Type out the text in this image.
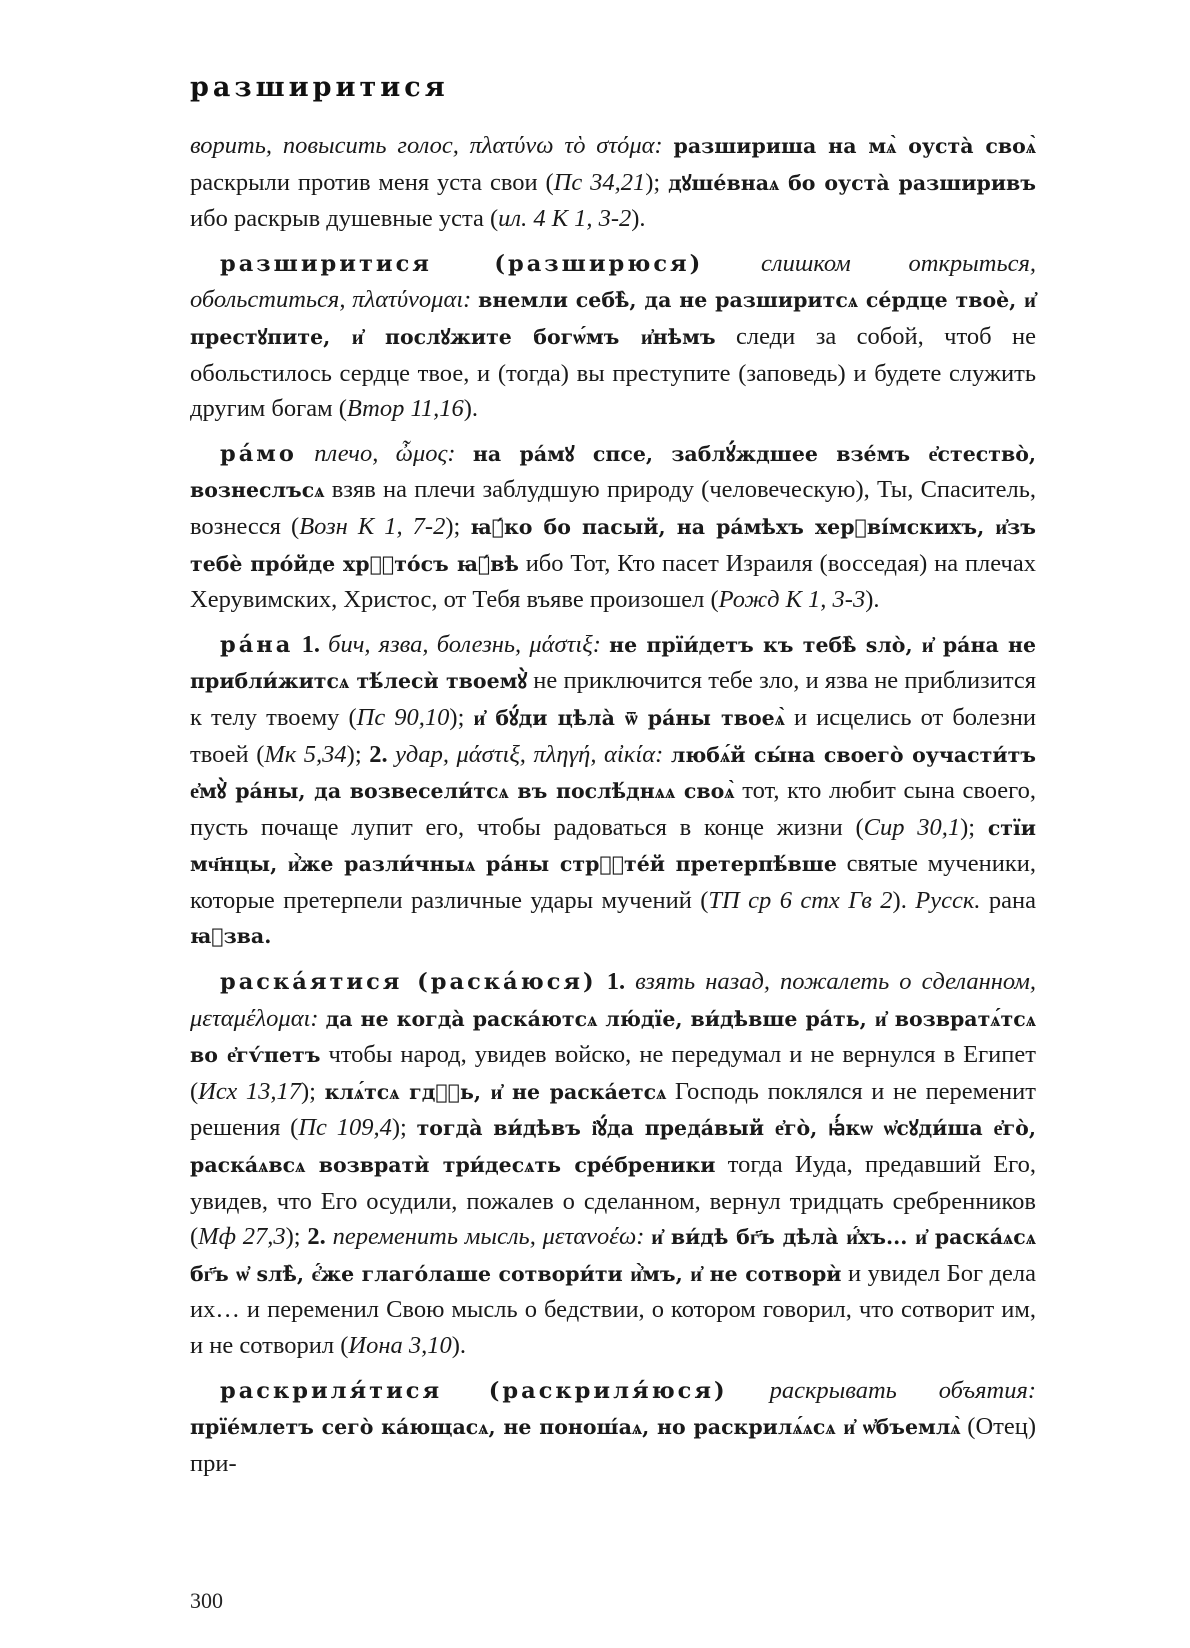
разширитися

ворить, повысить голос, πλατύνω τὸ στόμα: разширишa на мѧ̀ оуста̀ своѧ̀ раскрыли против меня уста свои (Пс 34,21); дꙋше́внаѧ бо оуста̀ разширивъ ибо раскрыв душевные уста (ил. 4 К 1, 3-2).

разширитися (разширюся) слишком открыться, обольститься, πλατύνομαι: внемли себѣ̀, да не разширитсѧ се́рдце твоѐ, и҆ престꙋпите, и҆ послꙋжите богѡ́мъ и҆нѣмъ следи за собой, чтоб не обольстилось сердце твое, и (тогда) вы преступите (заповедь) и будете служить другим богам (Втор 11,16).

ра́мо плечо, ὦμος: на ра́мꙋ спсе, заблꙋ́ждшее взе́мъ е҆стество̀, вознеслъсѧ взяв на плечи заблудшую природу (человеческую), Ты, Спаситель, вознесся (Возн К 1, 7-2); ꙗ҆́ко бо пасый, на ра́мѣхъ херꙋві́мскихъ, и҆зъ тебѐ про́йде хрⷭ҇то́съ ꙗ҆́вѣ ибо Тот, Кто пасет Израиля (восседая) на плечах Херувимских, Христос, от Тебя въяве произошел (Рожд К 1, 3-3).

ра́на 1. бич, язва, болезнь, μάστιξ: не прїи́детъ къ тебѣ̀ ѕло̀, и҆ ра́на не прибли́житсѧ тѣ́лесѝ твоемꙋ̀ не приключится тебе зло, и язва не приблизится к телу твоему (Пс 90,10); и҆ бꙋ́ди цѣла̀ ѿ ра́ны твоеѧ̀ и исцелись от болезни твоей (Мк 5,34); 2. удар, μάστιξ, πληγή, αἰκία: любѧ́й сы́на своего̀ оучасти́тъ е҆мꙋ̀ ра́ны, да возвесели́тсѧ въ послѣ́днѧѧ своѧ̀ тот, кто любит сына своего, пусть почаще лупит его, чтобы радоваться в конце жизни (Сир 30,1); стїи мч҃нцы, и҆̀же разли́чныѧ ра́ны стрⷭ҇те́й претерпѣ́вше святые мученики, которые претерпели различные удары мучений (ТП ср 6 стх Гв 2). Русск. рана ꙗ҆зва.

раска́ятися (раска́юся) 1. взять назад, пожалеть о сделанном, μεταμέλομαι: да не когда̀ раска́ютсѧ лю́дїе, ви́дѣвше ра́ть, и҆ возвратѧ́тсѧ во е҆гѵ́петъ чтобы народ, увидев войско, не передумал и не вернулся в Египет (Исх 13,17); клѧ́тсѧ гдⷭ҇ь, и҆ не раска́етсѧ Господь поклялся и не переменит решения (Пс 109,4); тогда̀ ви́дѣвъ і҆ꙋ́да преда́вый е҆го̀, ꙗ҆́кѡ ѡ҆сꙋди́ша е҆го̀, раска́ѧвсѧ возвратѝ три́десѧть сре́бреники тогда Иуда, предавший Его, увидев, что Его осудили, пожалев о сделанном, вернул тридцать сребренников (Мф 27,3); 2. переменить мысль, μετανοέω: и҆ ви́дѣ бг҃ъ дѣла̀ и҆́хъ... и҆ раска́ѧсѧ бг҃ъ ѡ҆ ѕлѣ̀, є҆́же глаго́лаше сотвори́ти и҆̀мъ, и҆ не сотворѝ и увидел Бог дела их… и переменил Свою мысль о бедствии, о котором говорил, что сотворит им, и не сотворил (Иона 3,10).

раскриля́тися (раскриля́юся) раскрывать объятия: прїе́млетъ сего̀ ка́ющасѧ, не понош́аѧ, но раскрилѧ́ѧсѧ и҆ ѡ҆бъемлѧ̀ (Отец) при-

300
